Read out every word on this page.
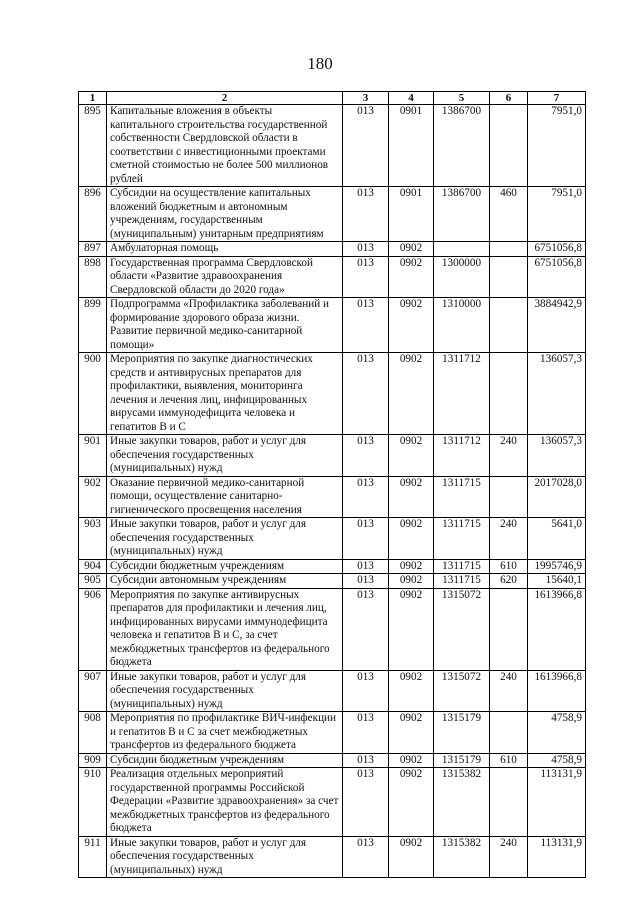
180
1	2	3	4	5	6	7
895	Капитальные вложения в объекты капитального строительства государственной собственности Свердловской области в соответствии с инвестиционными проектами сметной стоимостью не более 500 миллионов рублей	013	0901	1386700		7951,0
896	Субсидии на осуществление капитальных вложений бюджетным и автономным учреждениям, государственным (муниципальным) унитарным предприятиям	013	0901	1386700	460	7951,0
897	Амбулаторная помощь	013	0902			6751056,8
898	Государственная программа Свердловской области «Развитие здравоохранения Свердловской области до 2020 года»	013	0902	1300000		6751056,8
899	Подпрограмма «Профилактика заболеваний и формирование здорового образа жизни. Развитие первичной медико-санитарной помощи»	013	0902	1310000		3884942,9
900	Мероприятия по закупке диагностических средств и антивирусных препаратов для профилактики, выявления, мониторинга лечения и лечения лиц, инфицированных вирусами иммунодефицита человека и гепатитов В и С	013	0902	1311712		136057,3
901	Иные закупки товаров, работ и услуг для обеспечения государственных (муниципальных) нужд	013	0902	1311712	240	136057,3
902	Оказание первичной медико-санитарной помощи, осуществление санитарно-гигиенического просвещения населения	013	0902	1311715		2017028,0
903	Иные закупки товаров, работ и услуг для обеспечения государственных (муниципальных) нужд	013	0902	1311715	240	5641,0
904	Субсидии бюджетным учреждениям	013	0902	1311715	610	1995746,9
905	Субсидии автономным учреждениям	013	0902	1311715	620	15640,1
906	Мероприятия по закупке антивирусных препаратов для профилактики и лечения лиц, инфицированных вирусами иммунодефицита человека и гепатитов В и С, за счет межбюджетных трансфертов из федерального бюджета	013	0902	1315072		1613966,8
907	Иные закупки товаров, работ и услуг для обеспечения государственных (муниципальных) нужд	013	0902	1315072	240	1613966,8
908	Мероприятия по профилактике ВИЧ-инфекции и гепатитов В и С за счет межбюджетных трансфертов из федерального бюджета	013	0902	1315179		4758,9
909	Субсидии бюджетным учреждениям	013	0902	1315179	610	4758,9
910	Реализация отдельных мероприятий государственной программы Российской Федерации «Развитие здравоохранения» за счет межбюджетных трансфертов из федерального бюджета	013	0902	1315382		113131,9
911	Иные закупки товаров, работ и услуг для обеспечения государственных (муниципальных) нужд	013	0902	1315382	240	113131,9
